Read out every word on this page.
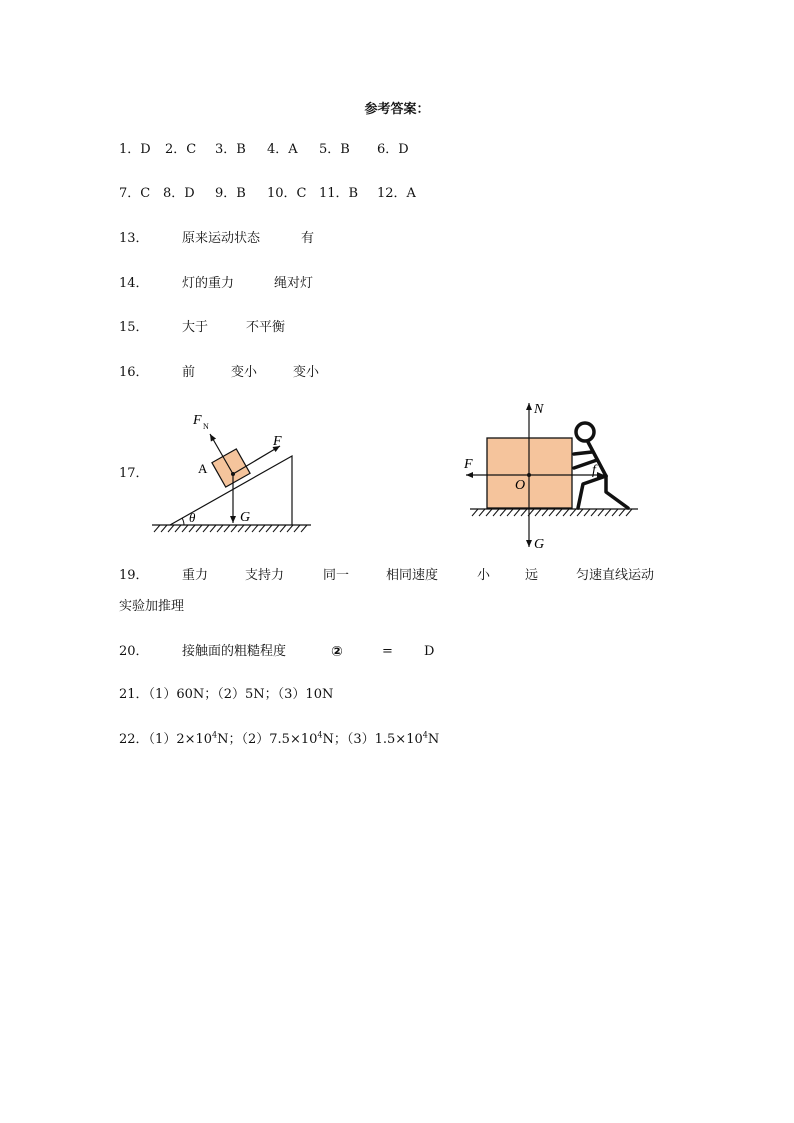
参考答案：
1．D 2．C 3．B 4．A 5．B 6．D
7．C 8．D 9．B 10．C 11．B 12．A
13．	原来运动状态	有
14．	灯的重力	绳对灯
15．	大于	不平衡
16．	前	变小	变小
17．
F N
F
A
G
θ
N
F	f
O
G
19．	重力	支持力	同一	相同速度	小	远	匀速直线运动
实验加推理
20．	接触面的粗糙程度	②	= D
21．（1）60N；（2）5N；（3）10N
22．$(1)2\times 10^4N$；$(2)7.5\times 10^4N$；$(3)1.5\times 10^4N$
